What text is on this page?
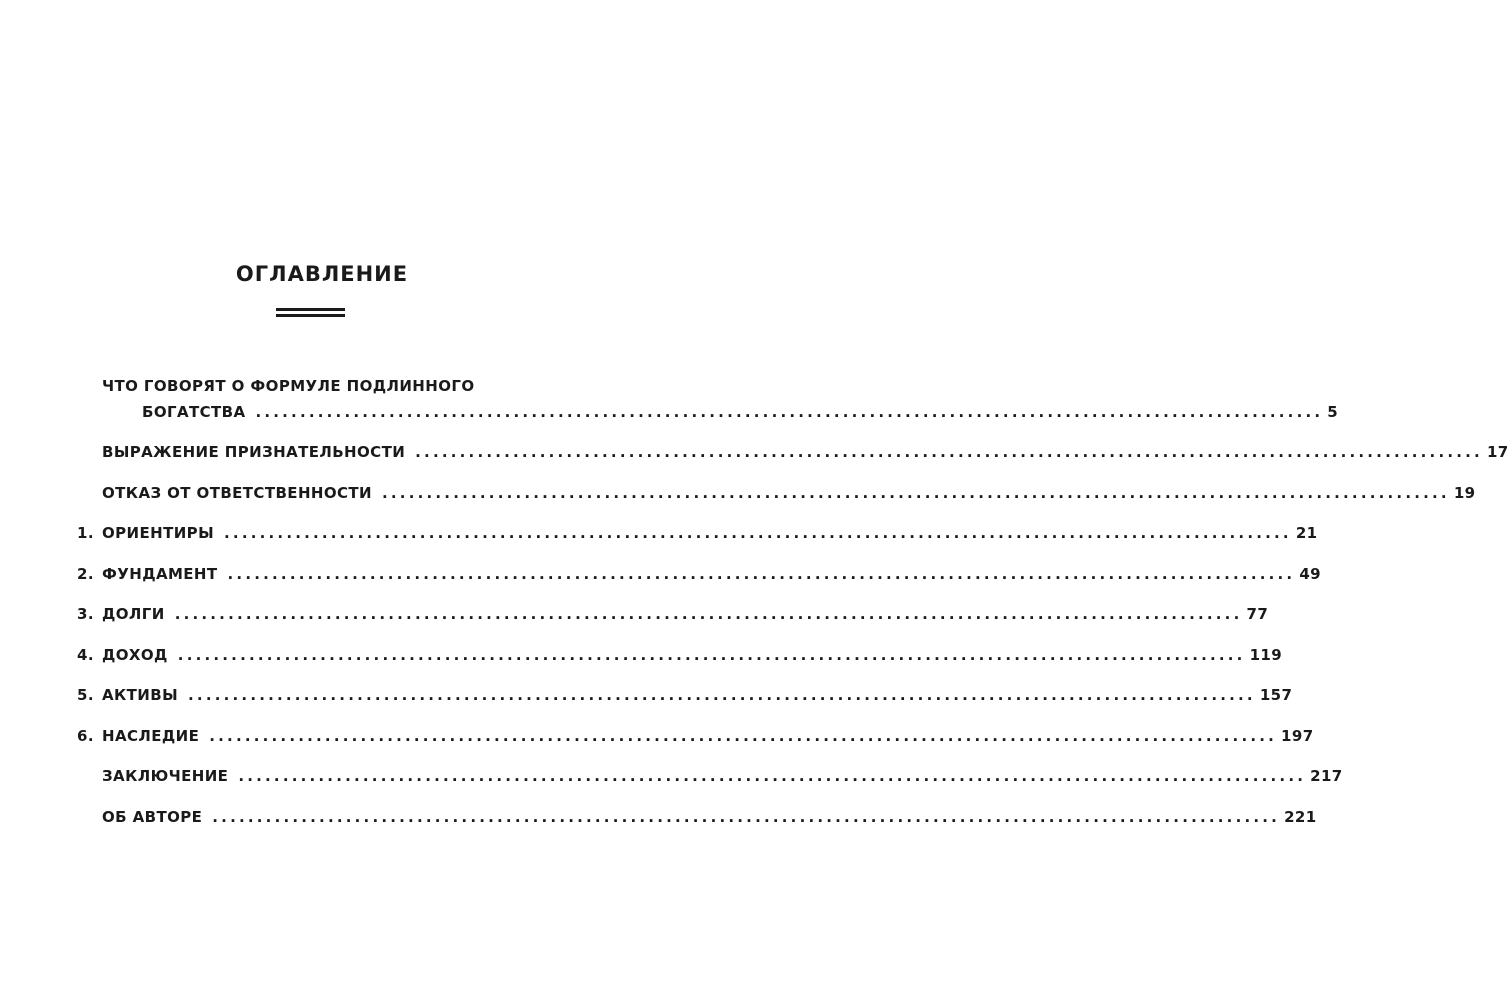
ОГЛАВЛЕНИЕ
ЧТО ГОВОРЯТ О ФОРМУЛЕ ПОДЛИННОГО
БОГАТСТВА ........................................................................................................................ 5
ВЫРАЖЕНИЕ ПРИЗНАТЕЛЬНОСТИ ........................................................................................................................ 17
ОТКАЗ ОТ ОТВЕТСТВЕННОСТИ ........................................................................................................................ 19
1. ОРИЕНТИРЫ ........................................................................................................................ 21
2. ФУНДАМЕНТ ........................................................................................................................ 49
3. ДОЛГИ ........................................................................................................................ 77
4. ДОХОД ........................................................................................................................ 119
5. АКТИВЫ ........................................................................................................................ 157
6. НАСЛЕДИЕ ........................................................................................................................ 197
ЗАКЛЮЧЕНИЕ ........................................................................................................................ 217
ОБ АВТОРЕ ........................................................................................................................ 221
